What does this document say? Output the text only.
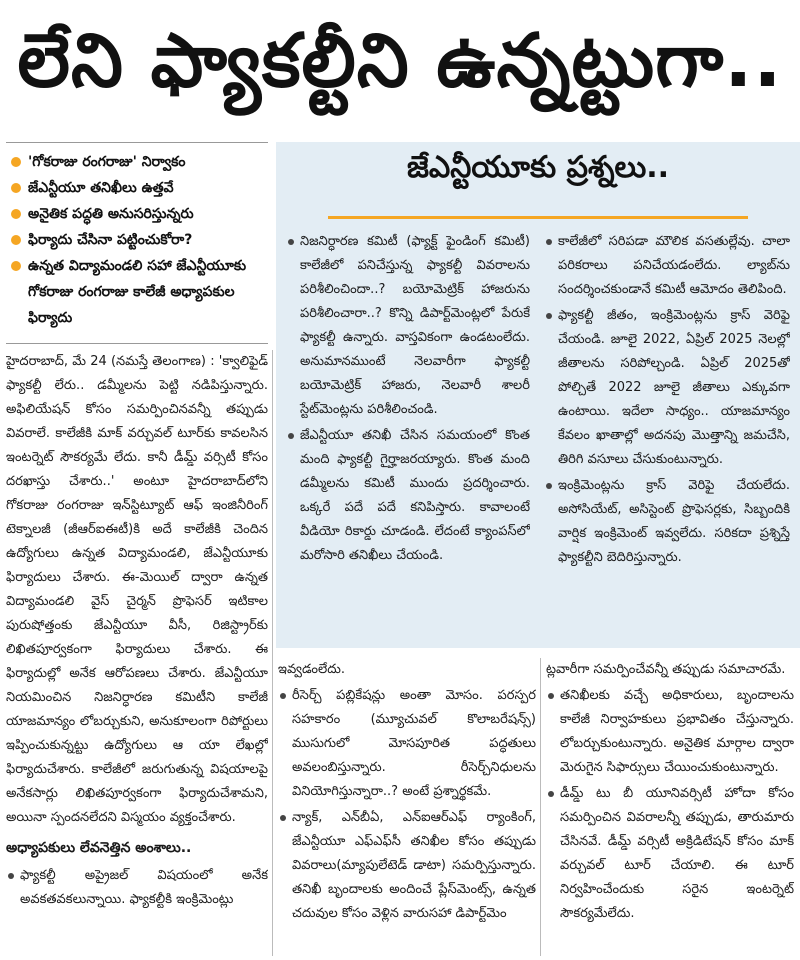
లేని ఫ్యాకల్టీని ఉన్నట్టుగా..
'గోకరాజు రంగరాజు' నిర్వాకం
జేఎన్టీయూ తనిఖీలు ఉత్తవే
అనైతిక పద్ధతి అనుసరిస్తున్నరు
ఫిర్యాదు చేసినా పట్టించుకోరా?
ఉన్నత విద్యామండలి సహా జేఎన్టీయూకు గోకరాజు రంగరాజు కాలేజీ అధ్యాపకుల ఫిర్యాదు

హైదరాబాద్, మే 24 (నమస్తే తెలంగాణ) : 'క్వాలిఫైడ్ ఫ్యాకల్టీ లేరు.. డమ్మీలను పెట్టి నడిపిస్తున్నారు. అఫిలియేషన్ కోసం సమర్పించినవన్నీ తప్పుడు వివరాలే. కాలేజీకి మాక్ వర్చువల్ టూర్‌కు కావలసిన ఇంటర్నెట్ సౌకర్యమే లేదు. కానీ డీమ్డ్ వర్సిటీ కోసం దరఖాస్తు చేశారు..' అంటూ హైదరాబాద్‌లోని గోకరాజు రంగరాజు ఇన్‌స్టిట్యూట్ ఆఫ్ ఇంజినీరింగ్ టెక్నాలజీ (జీఆర్ఐఈటీ)కి అదే కాలేజీకి చెందిన ఉద్యోగులు ఉన్నత విద్యామండలి, జేఎన్టీయూకు ఫిర్యాదులు చేశారు. ఈ-మెయిల్ ద్వారా ఉన్నత విద్యామండలి వైస్ చైర్మన్ ప్రొఫెసర్ ఇటికాల పురుషోత్తంకు జేఎన్టీయూ వీసీ, రిజిస్ట్రార్‌కు లిఖితపూర్వకంగా ఫిర్యాదులు చేశారు. ఈ ఫిర్యాదుల్లో అనేక ఆరోపణలు చేశారు. జేఎన్టీయూ నియమించిన నిజనిర్ధారణ కమిటీని కాలేజీ యాజమాన్యం లోబర్చుకుని, అనుకూలంగా రిపోర్టులు ఇప్పించుకున్నట్టు ఉద్యోగులు ఆ యా లేఖల్లో ఫిర్యాదుచేశారు. కాలేజీలో జరుగుతున్న విషయాలపై అనేకసార్లు లిఖితపూర్వకంగా ఫిర్యాదుచేశామని, అయినా స్పందనలేదని విస్మయం వ్యక్తంచేశారు.

అధ్యాపకులు లేవనెత్తిన అంశాలు..
ఫ్యాకల్టీ అప్రైజల్ విషయంలో అనేక అవకతవకలున్నాయి. ఫ్యాకల్టీకి ఇంక్రిమెంట్లు
జేఎన్టీయూకు ప్రశ్నలు..
నిజనిర్ధారణ కమిటీ (ఫ్యాక్ట్ ఫైండింగ్ కమిటీ) కాలేజీలో పనిచేస్తున్న ఫ్యాకల్టీ వివరాలను పరిశీలించిందా..? బయోమెట్రిక్ హాజరును పరిశీలించారా..? కొన్ని డిపార్ట్‌మెంట్లలో పేరుకే ఫ్యాకల్టీ ఉన్నారు. వాస్తవికంగా ఉండటంలేదు. అనుమానముంటే నెలవారీగా ఫ్యాకల్టీ బయోమెట్రిక్ హాజరు, నెలవారీ శాలరీ స్టేట్‌మెంట్లను పరిశీలించండి.
జేఎన్టీయూ తనిఖీ చేసిన సమయంలో కొంత మంది ఫ్యాకల్టీ గైర్హాజరయ్యారు. కొంత మంది డమ్మీలను కమిటీ ముందు ప్రదర్శించారు. ఒక్కరే పదే పదే కనిపిస్తారు. కావాలంటే వీడియో రికార్డు చూడండి. లేదంటే క్యాంపస్‌లో మరోసారి తనిఖీలు చేయండి.
కాలేజీలో సరిపడా మౌలిక వసతుల్లేవు. చాలా పరికరాలు పనిచేయడంలేదు. ల్యాబ్‌ను సందర్శించకుండానే కమిటీ ఆమోదం తెలిపింది.
ఫ్యాకల్టీ జీతం, ఇంక్రిమెంట్లను క్రాస్ వెరిఫై చేయండి. జూలై 2022, ఏప్రిల్ 2025 నెలల్లో జీతాలను సరిపోల్చండి. ఏప్రిల్ 2025తో పోల్చితే 2022 జూలై జీతాలు ఎక్కువగా ఉంటాయి. ఇదేలా సాధ్యం.. యాజమాన్యం కేవలం ఖాతాల్లో అదనపు మొత్తాన్ని జమచేసి, తిరిగి వసూలు చేసుకుంటున్నారు.
ఇంక్రిమెంట్లను క్రాస్ వెరిఫై చేయలేదు. అసోసియేట్, అసిస్టెంట్ ప్రొఫెసర్లకు, సిబ్బందికి వార్షిక ఇంక్రిమెంట్ ఇవ్వలేదు. సరికదా ప్రశ్నిస్తే ఫ్యాకల్టీని బెదిరిస్తున్నారు.

ఇవ్వడంలేదు.

రీసెర్చ్ పబ్లికేషన్లు అంతా మోసం. పరస్పర సహకారం (మ్యూచువల్ కొలాబరేషన్స్) ముసుగులో మోసపూరిత పద్ధతులు అవలంబిస్తున్నారు. రీసెర్చ్‌నిధులను వినియోగిస్తున్నారా..? అంటే ప్రశ్నార్థకమే.
న్యాక్, ఎన్‌బీఏ, ఎన్ఐఆర్ఎఫ్ ర్యాంకింగ్, జేఎన్టీయూ ఎఫ్ఎఫ్‌సీ తనిఖీల కోసం తప్పుడు వివరాలు(మ్యాపులేటెడ్ డాటా) సమర్పిస్తున్నారు. తనిఖీ బృందాలకు అందించే ప్లేస్‌మెంట్స్, ఉన్నత చదువుల కోసం వెళ్లిన వారుసహా డిపార్ట్‌మెం

ట్లవారీగా సమర్పించేవన్నీ తప్పుడు సమాచారమే.

తనిఖీలకు వచ్చే అధికారులు, బృందాలను కాలేజీ నిర్వాహకులు ప్రభావితం చేస్తున్నారు. లోబర్చుకుంటున్నారు. అనైతిక మార్గాల ద్వారా మెరుగైన సిఫార్సులు చేయించుకుంటున్నారు.
డీమ్డ్ టు బీ యూనివర్సిటీ హోదా కోసం సమర్పించిన వివరాలన్నీ తప్పుడు, తారుమారు చేసినవే. డీమ్డ్ వర్సిటీ అక్రిడిటేషన్ కోసం మాక్ వర్చువల్ టూర్ చేయాలి. ఈ టూర్ నిర్వహించేందుకు సరైన ఇంటర్నెట్ సౌకర్యమేలేదు.
